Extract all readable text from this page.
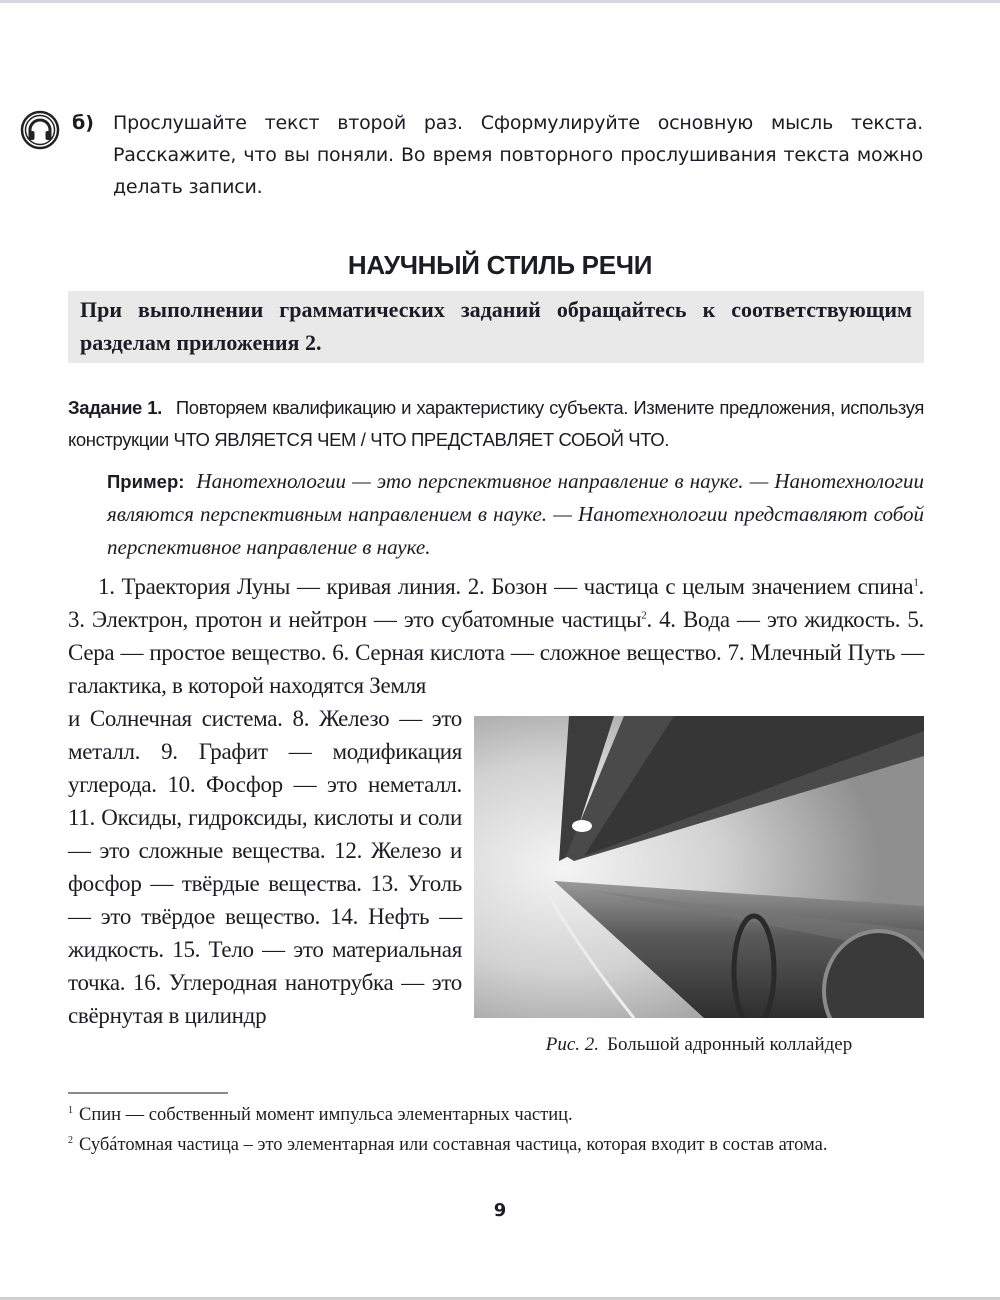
б) Прослушайте текст второй раз. Сформулируйте основную мысль текста. Расскажите, что вы поняли. Во время повторного прослушивания текста можно делать записи.
НАУЧНЫЙ СТИЛЬ РЕЧИ
При выполнении грамматических заданий обращайтесь к соответствующим разделам приложения 2.
Задание 1. Повторяем квалификацию и характеристику субъекта. Измените предложения, используя конструкции ЧТО ЯВЛЯЕТСЯ ЧЕМ / ЧТО ПРЕДСТАВЛЯЕТ СОБОЙ ЧТО.
Пример: Нанотехнологии — это перспективное направление в науке. — Нанотехнологии являются перспективным направлением в науке. — Нанотехнологии представляют собой перспективное направление в науке.
1. Траектория Луны — кривая линия. 2. Бозон — частица с целым значением спина$^1$. 3. Электрон, протон и нейтрон — это субатомные частицы$^2$. 4. Вода — это жидкость. 5. Сера — простое вещество. 6. Серная кислота — сложное вещество. 7. Млечный Путь — галактика, в которой находятся Земля
и Солнечная система. 8. Железо — это металл. 9. Графит — модификация углерода. 10. Фосфор — это неметалл. 11. Оксиды, гидроксиды, кислоты и соли — это сложные вещества. 12. Железо и фосфор — твёрдые вещества. 13. Уголь — это твёрдое вещество. 14. Нефть — жидкость. 15. Тело — это материальная точка. 16. Углеродная нанотрубка — это свёрнутая в цилиндр
Рис. 2. Большой адронный коллайдер
$^1$ Спин — собственный момент импульса элементарных частиц.
$^2$ Субáтомная частица – это элементарная или составная частица, которая входит в состав атома.
9
